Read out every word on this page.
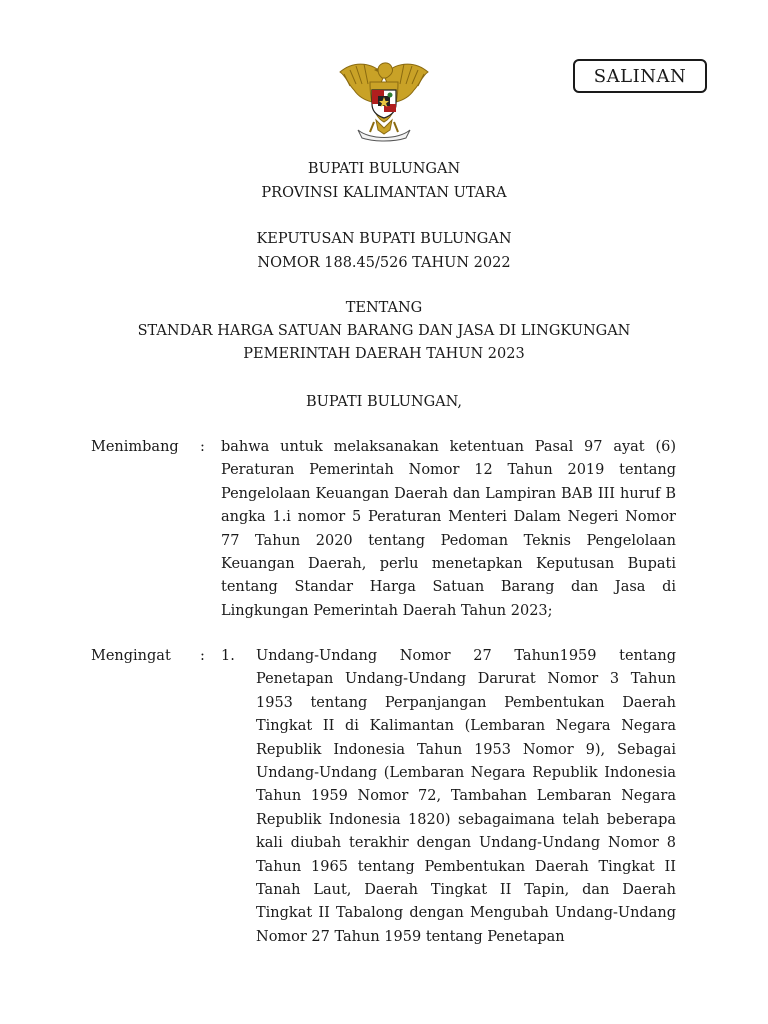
SALINAN
BUPATI BULUNGAN
PROVINSI KALIMANTAN UTARA
KEPUTUSAN BUPATI BULUNGAN
NOMOR 188.45/526 TAHUN 2022
TENTANG
STANDAR HARGA SATUAN BARANG DAN JASA DI LINGKUNGAN
PEMERINTAH DAERAH TAHUN 2023
BUPATI BULUNGAN,
Menimbang : bahwa untuk melaksanakan ketentuan Pasal 97 ayat (6) Peraturan Pemerintah Nomor 12 Tahun 2019 tentang Pengelolaan Keuangan Daerah dan Lampiran BAB III huruf B angka 1.i nomor 5 Peraturan Menteri Dalam Negeri Nomor 77 Tahun 2020 tentang Pedoman Teknis Pengelolaan Keuangan Daerah, perlu menetapkan Keputusan Bupati tentang Standar Harga Satuan Barang dan Jasa di Lingkungan Pemerintah Daerah Tahun 2023;
Mengingat : 1. Undang-Undang Nomor 27 Tahun1959 tentang Penetapan Undang-Undang Darurat Nomor 3 Tahun 1953 tentang Perpanjangan Pembentukan Daerah Tingkat II di Kalimantan (Lembaran Negara Negara Republik Indonesia Tahun 1953 Nomor 9), Sebagai Undang-Undang (Lembaran Negara Republik Indonesia Tahun 1959 Nomor 72, Tambahan Lembaran Negara Republik Indonesia 1820) sebagaimana telah beberapa kali diubah terakhir dengan Undang-Undang Nomor 8 Tahun 1965 tentang Pembentukan Daerah Tingkat II Tanah Laut, Daerah Tingkat II Tapin, dan Daerah Tingkat II Tabalong dengan Mengubah Undang-Undang Nomor 27 Tahun 1959 tentang Penetapan
